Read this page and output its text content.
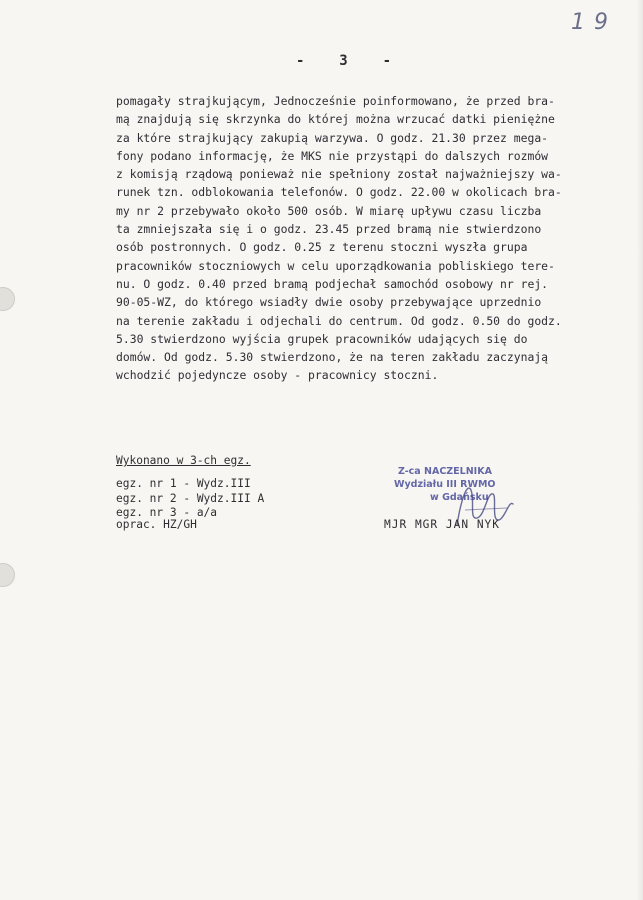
1 9
-  3  -
pomagały strajkującym, Jednocześnie poinformowano, że przed bra-
mą znajdują się skrzynka do której można wrzucać datki pieniężne
za które strajkujący zakupią warzywa. O godz. 21.30 przez mega-
fony podano informację, że MKS nie przystąpi do dalszych rozmów
z komisją rządową ponieważ nie spełniony został najważniejszy wa-
runek tzn. odblokowania telefonów. O godz. 22.00 w okolicach bra-
my nr 2 przebywało około 500 osób. W miarę upływu czasu liczba
ta zmniejszała się i o godz. 23.45 przed bramą nie stwierdzono
osób postronnych. O godz. 0.25 z terenu stoczni wyszła grupa
pracowników stoczniowych w celu uporządkowania pobliskiego tere-
nu. O godz. 0.40 przed bramą podjechał samochód osobowy nr rej.
90-05-WZ, do którego wsiadły dwie osoby przebywające uprzednio
na terenie zakładu i odjechali do centrum. Od godz. 0.50 do godz.
5.30 stwierdzono wyjścia grupek pracowników udających się do
domów. Od godz. 5.30 stwierdzono, że na teren zakładu zaczynają
wchodzić pojedyncze osoby - pracownicy stoczni.
Wykonano w 3-ch egz.
egz. nr 1 - Wydz.III
egz. nr 2 - Wydz.III A
egz. nr 3 - a/a
oprac. HZ/GH
Z-ca NACZELNIKA
Wydziału III RWMO
w Gdańsku
MJR MGR JAN NYK
